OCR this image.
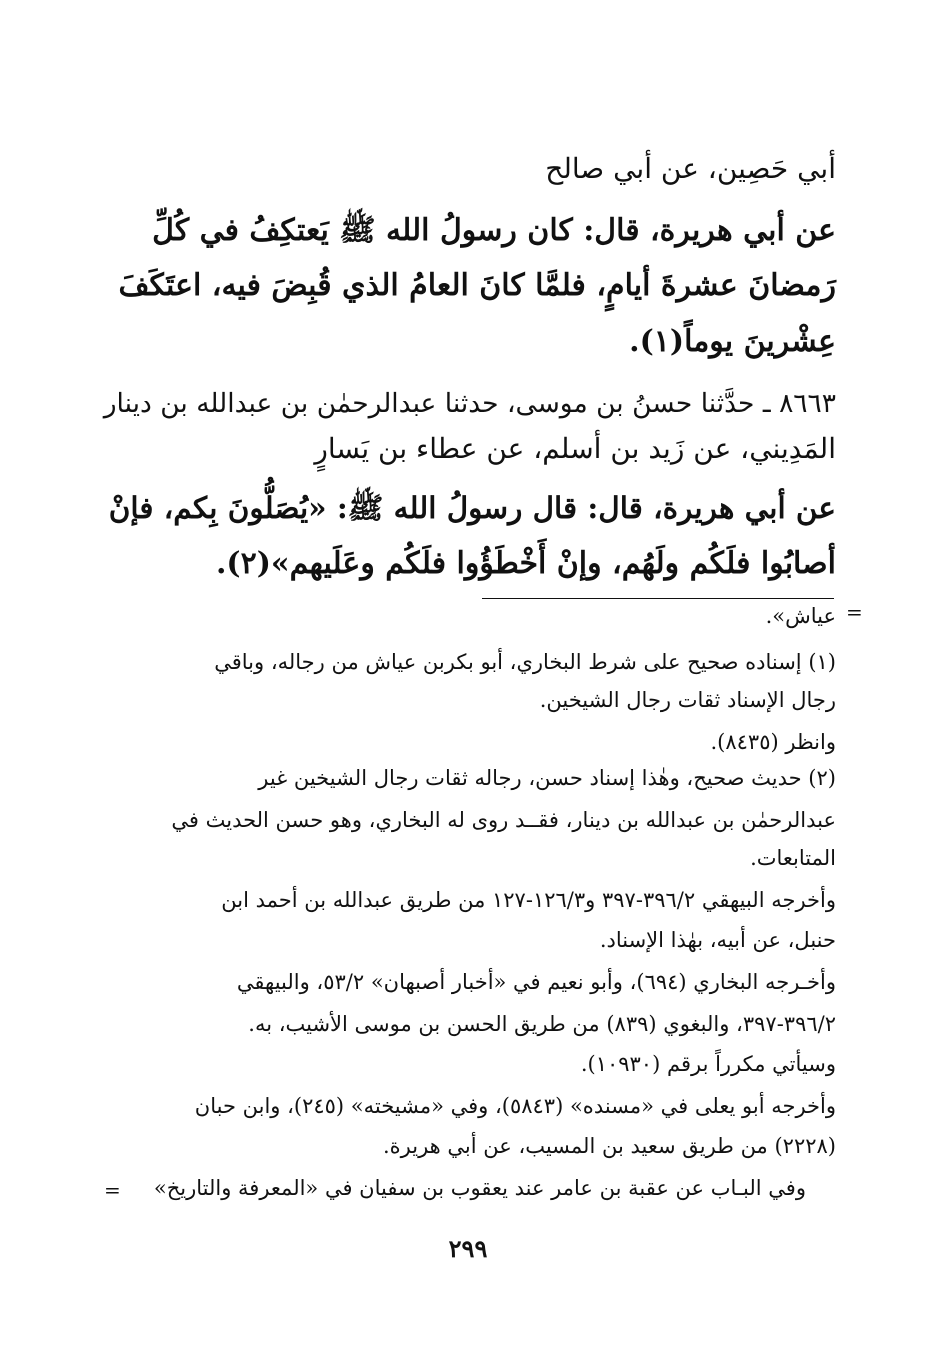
أبي حَصِين، عن أبي صالح
عن أبي هريرة، قال: كان رسولُ الله ﷺ يَعتكِفُ في كُلِّ
رَمضانَ عشرةَ أيامٍ، فلمَّا كانَ العامُ الذي قُبِضَ فيه، اعتَكَفَ
عِشْرينَ يوماً(١).
٨٦٦٣ ـ حدَّثنا حسنُ بن موسى، حدثنا عبدالرحمٰن بن عبدالله بن دينار
المَدِيني، عن زَيد بن أسلم، عن عطاء بن يَسارٍ
عن أبي هريرة، قال: قال رسولُ الله ﷺ: «يُصَلُّونَ بِكم، فإنْ
أصابُوا فلَكُم ولَهُم، وإنْ أَخْطَؤُوا فلَكُم وعَلَيهم»(٢).
=
عياش».
(١) إسناده صحيح على شرط البخاري، أبو بكربن عياش من رجاله، وباقي
رجال الإسناد ثقات رجال الشيخين.
وانظر (٨٤٣٥).
(٢) حديث صحيح، وهٰذا إسناد حسن، رجاله ثقات رجال الشيخين غير
عبدالرحمٰن بن عبدالله بن دينار، فقــد روى له البخاري، وهو حسن الحديث في
المتابعات.
وأخرجه البيهقي ٣٩٦/٢-٣٩٧ و١٢٦/٣-١٢٧ من طريق عبدالله بن أحمد ابن
حنبل، عن أبيه، بهٰذا الإسناد.
وأخـرجه البخاري (٦٩٤)، وأبو نعيم في «أخبار أصبهان» ٥٣/٢، والبيهقي
٣٩٦/٢-٣٩٧، والبغوي (٨٣٩) من طريق الحسن بن موسى الأشيب، به.
وسيأتي مكرراً برقم (١٠٩٣٠).
وأخرجه أبو يعلى في «مسنده» (٥٨٤٣)، وفي «مشيخته» (٢٤٥)، وابن حبان
(٢٢٢٨) من طريق سعيد بن المسيب، عن أبي هريرة.
وفي البـاب عن عقبة بن عامر عند يعقوب بن سفيان في «المعرفة والتاريخ»
=
٢٩٩
